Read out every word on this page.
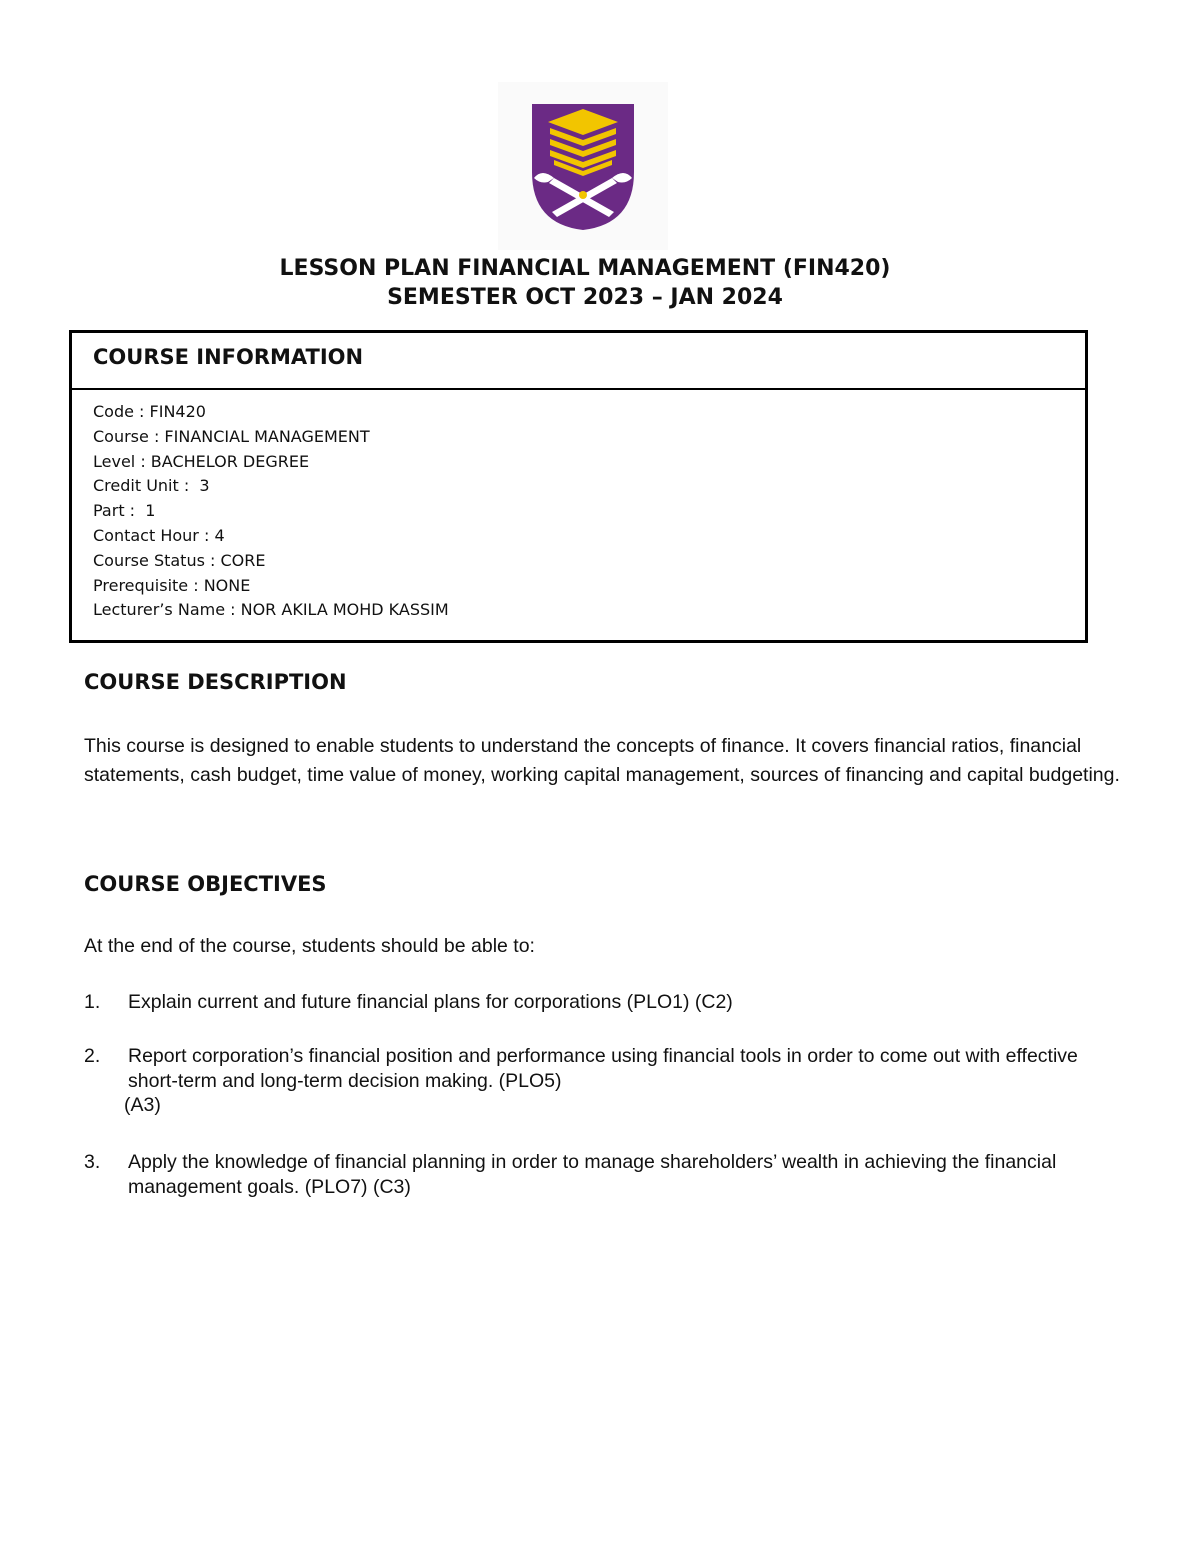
LESSON PLAN FINANCIAL MANAGEMENT (FIN420)
SEMESTER OCT 2023 – JAN 2024
COURSE INFORMATION
Code : FIN420
Course : FINANCIAL MANAGEMENT
Level : BACHELOR DEGREE
Credit Unit :  3
Part :  1
Contact Hour : 4
Course Status : CORE
Prerequisite : NONE
Lecturer’s Name : NOR AKILA MOHD KASSIM
COURSE DESCRIPTION
This course is designed to enable students to understand the concepts of finance. It covers financial ratios, financial statements, cash budget, time value of money, working capital management, sources of financing and capital budgeting.
COURSE OBJECTIVES
At the end of the course, students should be able to:
1. Explain current and future financial plans for corporations (PLO1) (C2)
2. Report corporation’s financial position and performance using financial tools in order to come out with effective short-term and long-term decision making. (PLO5)
(A3)
3. Apply the knowledge of financial planning in order to manage shareholders’ wealth in achieving the financial management goals. (PLO7) (C3)
